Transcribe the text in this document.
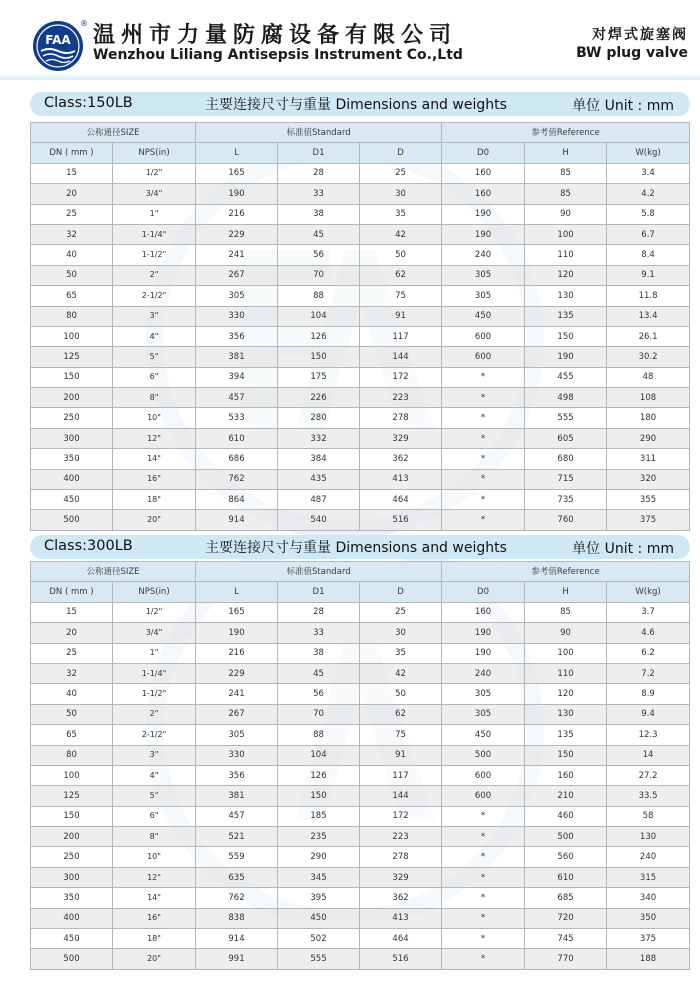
FAA
® 温州市力量防腐设备有限公司
Wenzhou Liliang Antisepsis Instrument Co.,Ltd
对焊式旋塞阀
BW plug valve
Class:150LB	主要连接尺寸与重量 Dimensions and weights	单位 Unit : mm
公称通径SIZE		标准值Standard			参考值Reference		
DN ( mm )	NPS(in)	L	D1	D	D0	H	W(kg)
15	1/2"	165	28	25	160	85	3.4
20	3/4"	190	33	30	160	85	4.2
25	1"	216	38	35	190	90	5.8
32	1-1/4"	229	45	42	190	100	6.7
40	1-1/2"	241	56	50	240	110	8.4
50	2"	267	70	62	305	120	9.1
65	2-1/2"	305	88	75	305	130	11.8
80	3"	330	104	91	450	135	13.4
100	4"	356	126	117	600	150	26.1
125	5"	381	150	144	600	190	30.2
150	6"	394	175	172	*	455	48
200	8"	457	226	223	*	498	108
250	10"	533	280	278	*	555	180
300	12"	610	332	329	*	605	290
350	14"	686	384	362	*	680	311
400	16"	762	435	413	*	715	320
450	18"	864	487	464	*	735	355
500	20"	914	540	516	*	760	375
Class:300LB	主要连接尺寸与重量 Dimensions and weights	单位 Unit : mm
公称通径SIZE		标准值Standard			参考值Reference		
DN ( mm )	NPS(in)	L	D1	D	D0	H	W(kg)
15	1/2"	165	28	25	160	85	3.7
20	3/4"	190	33	30	190	90	4.6
25	1"	216	38	35	190	100	6.2
32	1-1/4"	229	45	42	240	110	7.2
40	1-1/2"	241	56	50	305	120	8.9
50	2"	267	70	62	305	130	9.4
65	2-1/2"	305	88	75	450	135	12.3
80	3"	330	104	91	500	150	14
100	4"	356	126	117	600	160	27.2
125	5"	381	150	144	600	210	33.5
150	6"	457	185	172	*	460	58
200	8"	521	235	223	*	500	130
250	10"	559	290	278	*	560	240
300	12"	635	345	329	*	610	315
350	14"	762	395	362	*	685	340
400	16"	838	450	413	*	720	350
450	18"	914	502	464	*	745	375
500	20"	991	555	516	*	770	188
